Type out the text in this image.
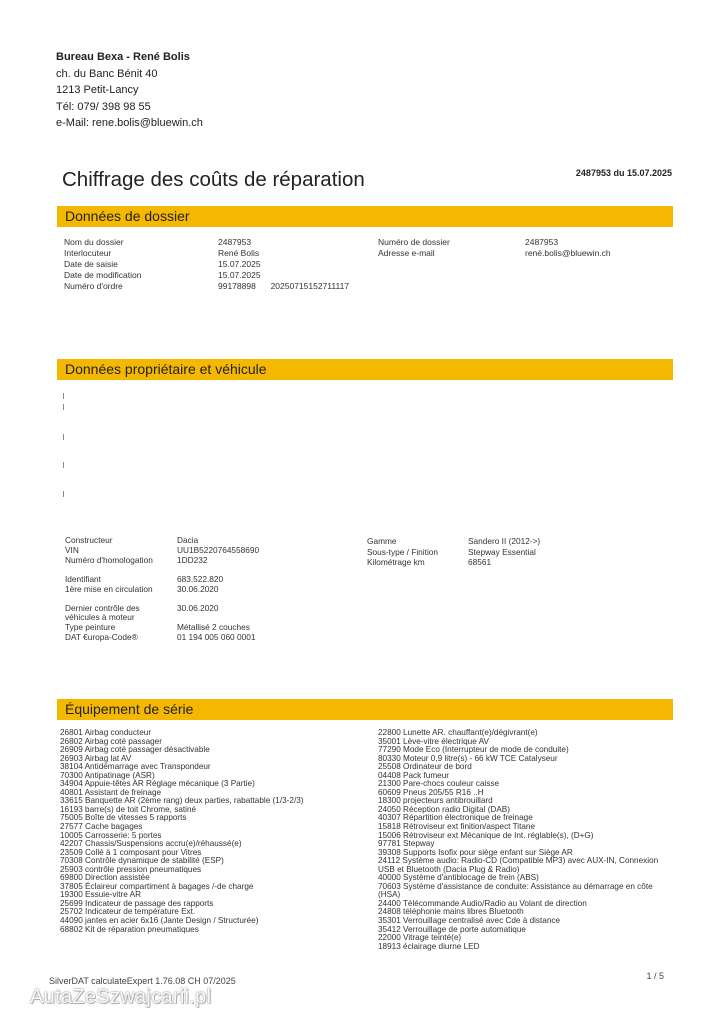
Bureau Bexa - René Bolis
ch. du Banc Bénit 40
1213 Petit-Lancy
Tél: 079/ 398 98 55
e-Mail: rene.bolis@bluewin.ch
Chiffrage des coûts de réparation	2487953 du 15.07.2025
Données de dossier
Nom du dossier
Interlocuteur
Date de saisie
Date de modification
Numéro d'ordre
2487953
René Bolis
15.07.2025
15.07.2025
99178898 20250715152711117
Numéro de dossier
Adresse e-mail
2487953
rené.bolis@bluewin.ch
Données propriétaire et véhicule
Constructeur
VIN
Numéro d'homologation
Identifiant
1ère mise en circulation
Dernier contrôle des véhicules à moteur
Type peinture
DAT €uropa-Code®
Dacia
UU1B5220764558690
1DD232
683.522.820
30.06.2020
30.06.2020
Métallisé 2 couches
01 194 005 060 0001
Gamme
Sous-type / Finition
Kilométrage km
Sandero II (2012->)
Stepway Essential
68561
Équipement de série
26801 Airbag conducteur
26802 Airbag coté passager
26909 Airbag coté passager désactivable
26903 Airbag lat AV
38104 Antidémarrage avec Transpondeur
70300 Antipatinage (ASR)
34904 Appuie-têtes AR Réglage mécanique (3 Partie)
40801 Assistant de freinage
33615 Banquette AR (2ème rang) deux parties, rabattable (1/3-2/3)
16193 barre(s) de toit Chrome, satiné
75005 Boîte de vitesses 5 rapports
27577 Cache bagages
10005 Carrosserie: 5 portes
42207 Chassis/Suspensions accru(e)/réhaussé(e)
23509 Collé à 1 composant pour Vitres
70308 Contrôle dynamique de stabilité (ESP)
25903 contrôle pression pneumatiques
69800 Direction assistée
37805 Éclaireur compartiment à bagages /-de charge
19300 Essuie-vitre AR
25699 Indicateur de passage des rapports
25702 Indicateur de température Ext.
44090 jantes en acier 6x16 (Jante Design / Structurée)
68802 Kit de réparation pneumatiques
22800 Lunette AR. chauffant(e)/dégivrant(e)
35001 Lève-vitre électrique AV
77290 Mode Eco (Interrupteur de mode de conduite)
80330 Moteur 0,9 litre(s) - 66 kW TCE Catalyseur
25508 Ordinateur de bord
04408 Pack fumeur
21300 Pare-chocs couleur caisse
60609 Pneus 205/55 R16 ..H
18300 projecteurs antibrouillard
24050 Réception radio Digital (DAB)
40307 Répartition électronique de freinage
15818 Rétroviseur ext finition/aspect Titane
15006 Rétroviseur ext Mécanique de Int. réglable(s), (D+G)
97781 Stepway
39308 Supports Isofix pour siège enfant sur Siège AR
24112 Système audio: Radio-CD (Compatible MP3) avec AUX-IN, Connexion USB et Bluetooth (Dacia Plug & Radio)
40000 Système d'antiblocage de frein (ABS)
70603 Système d'assistance de conduite: Assistance au démarrage en côte (HSA)
24400 Télécommande Audio/Radio au Volant de direction
24808 téléphonie mains libres Bluetooth
35301 Verrouillage centralisé avec Cde à distance
35412 Verrouillage de porte automatique
22000 Vitrage teinté(e)
18913 éclairage diurne LED
SilverDAT calculateExpert 1.76.08 CH 07/2025	1 / 5
AutaZeSzwajcarii.pl
